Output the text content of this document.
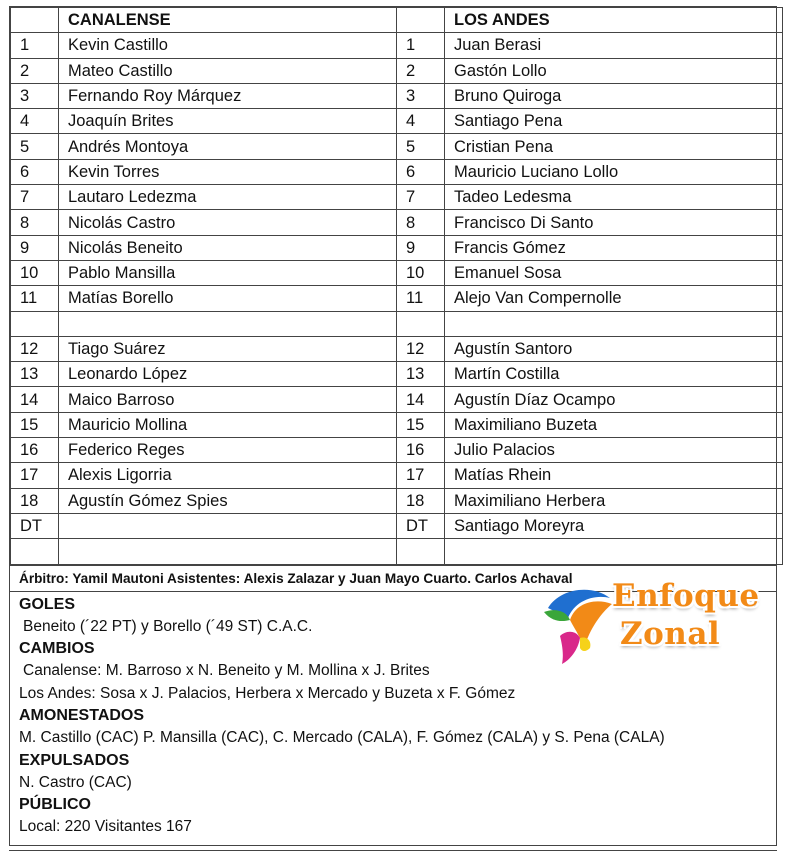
	CANALENSE		LOS ANDES
1	Kevin Castillo	1	Juan Berasi
2	Mateo Castillo	2	Gastón Lollo
3	Fernando Roy Márquez	3	Bruno Quiroga
4	Joaquín Brites	4	Santiago Pena
5	Andrés Montoya	5	Cristian Pena
6	Kevin Torres	6	Mauricio Luciano Lollo
7	Lautaro Ledezma	7	Tadeo Ledesma
8	Nicolás Castro	8	Francisco Di Santo
9	Nicolás Beneito	9	Francis Gómez
10	Pablo Mansilla	10	Emanuel Sosa
11	Matías Borello	11	Alejo Van Compernolle

12	Tiago Suárez	12	Agustín Santoro
13	Leonardo López	13	Martín Costilla
14	Maico Barroso	14	Agustín Díaz Ocampo
15	Mauricio Mollina	15	Maximiliano Buzeta
16	Federico Reges	16	Julio Palacios
17	Alexis Ligorria	17	Matías Rhein
18	Agustín Gómez Spies	18	Maximiliano Herbera
DT		DT	Santiago Moreyra

Árbitro: Yamil Mautoni Asistentes: Alexis Zalazar y Juan Mayo Cuarto. Carlos Achaval
GOLES
Beneito (´22 PT) y Borello (´49 ST) C.A.C.
CAMBIOS
Canalense: M. Barroso x N. Beneito y M. Mollina x J. Brites
Los Andes: Sosa x J. Palacios, Herbera x Mercado y Buzeta x F. Gómez
AMONESTADOS
M. Castillo (CAC) P. Mansilla (CAC), C. Mercado (CALA), F. Gómez (CALA) y S. Pena (CALA)
EXPULSADOS
N. Castro (CAC)
PÚBLICO
Local: 220 Visitantes 167
Enfoque
Zonal
